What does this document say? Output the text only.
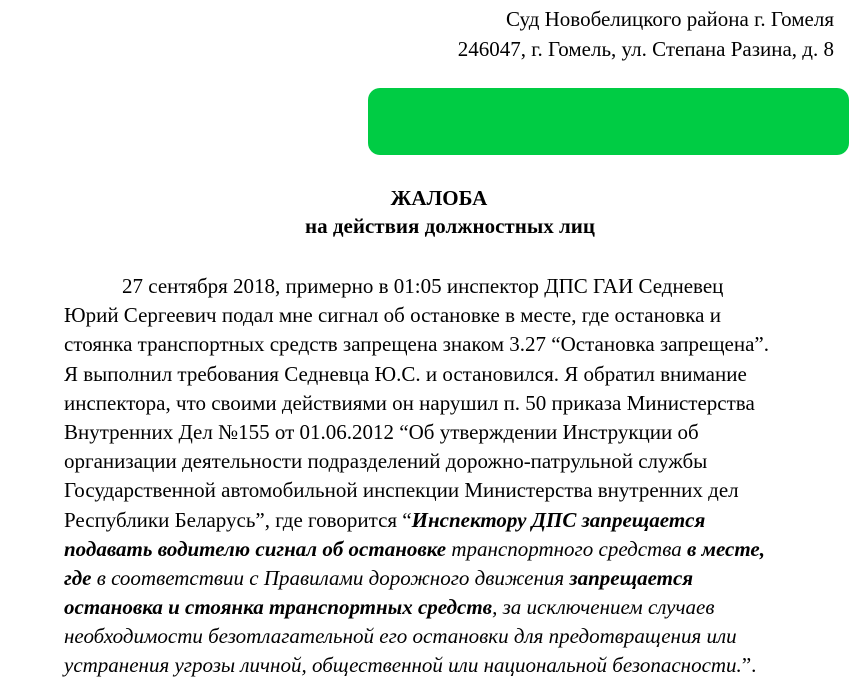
Суд Новобелицкого района г. Гомеля
246047, г. Гомель, ул. Степана Разина, д. 8
ЖАЛОБА
на действия должностных лиц
27 сентября 2018, примерно в 01:05 инспектор ДПС ГАИ Седневец
Юрий Сергеевич подал мне сигнал об остановке в месте, где остановка и
стоянка транспортных средств запрещена знаком 3.27 “Остановка запрещена”.
Я выполнил требования Седневца Ю.С. и остановился. Я обратил внимание
инспектора, что своими действиями он нарушил п. 50 приказа Министерства
Внутренних Дел №155 от 01.06.2012 “Об утверждении Инструкции об
организации деятельности подразделений дорожно-патрульной службы
Государственной автомобильной инспекции Министерства внутренних дел
Республики Беларусь”, где говорится “Инспектору ДПС запрещается
подавать водителю сигнал об остановке транспортного средства в месте,
где в соответствии с Правилами дорожного движения запрещается
остановка и стоянка транспортных средств, за исключением случаев
необходимости безотлагательной его остановки для предотвращения или
устранения угрозы личной, общественной или национальной безопасности.”.
